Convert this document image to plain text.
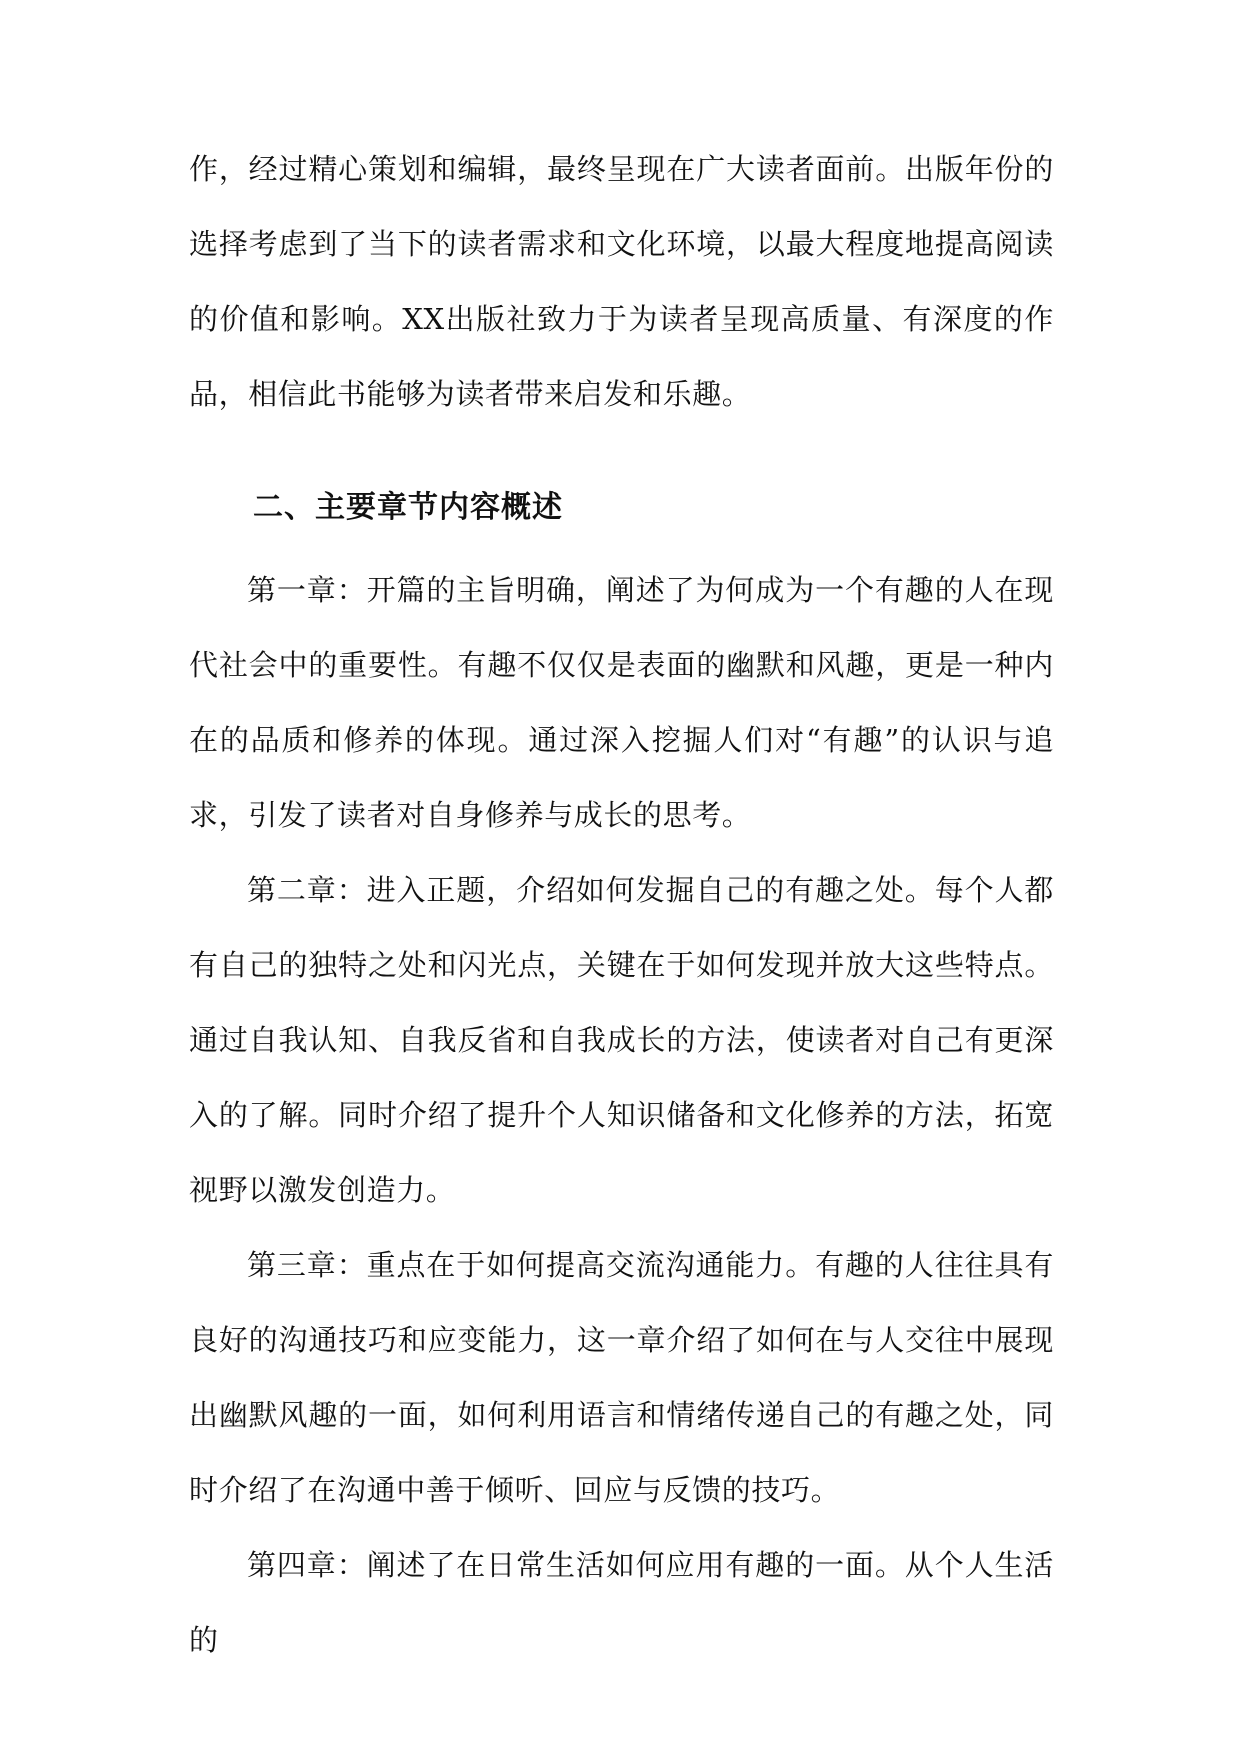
作，经过精心策划和编辑，最终呈现在广大读者面前。出版年份的选择考虑到了当下的读者需求和文化环境，以最大程度地提高阅读的价值和影响。XX出版社致力于为读者呈现高质量、有深度的作品，相信此书能够为读者带来启发和乐趣。

二、主要章节内容概述

第一章：开篇的主旨明确，阐述了为何成为一个有趣的人在现代社会中的重要性。有趣不仅仅是表面的幽默和风趣，更是一种内在的品质和修养的体现。通过深入挖掘人们对“有趣”的认识与追求，引发了读者对自身修养与成长的思考。

第二章：进入正题，介绍如何发掘自己的有趣之处。每个人都有自己的独特之处和闪光点，关键在于如何发现并放大这些特点。通过自我认知、自我反省和自我成长的方法，使读者对自己有更深入的了解。同时介绍了提升个人知识储备和文化修养的方法，拓宽视野以激发创造力。

第三章：重点在于如何提高交流沟通能力。有趣的人往往具有良好的沟通技巧和应变能力，这一章介绍了如何在与人交往中展现出幽默风趣的一面，如何利用语言和情绪传递自己的有趣之处，同时介绍了在沟通中善于倾听、回应与反馈的技巧。

第四章：阐述了在日常生活如何应用有趣的一面。从个人生活的
